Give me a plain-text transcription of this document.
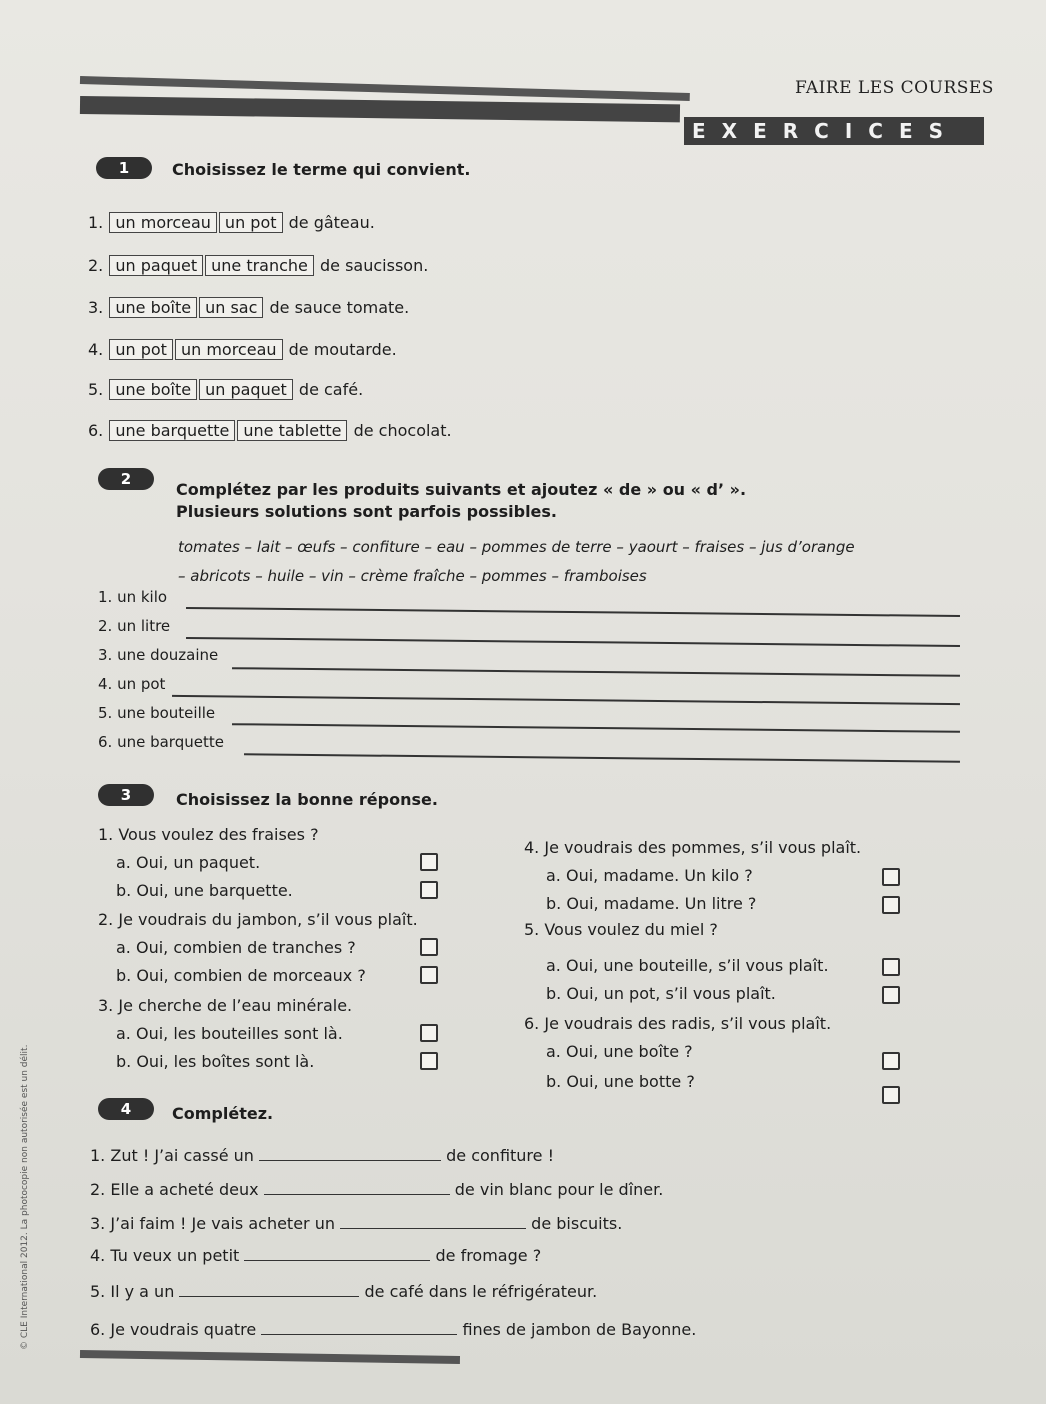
FAIRE LES COURSES
EXERCICES
1	Choisissez le terme qui convient.
1. un morceau un pot de gâteau.
2. un paquet une tranche de saucisson.
3. une boîte un sac de sauce tomate.
4. un pot un morceau de moutarde.
5. une boîte un paquet de café.
6. une barquette une tablette de chocolat.
2
Complétez par les produits suivants et ajoutez « de » ou « d’ ».
Plusieurs solutions sont parfois possibles.
tomates – lait – œufs – confiture – eau – pommes de terre – yaourt – fraises – jus d’orange
– abricots – huile – vin – crème fraîche – pommes – framboises
1. un kilo
2. un litre
3. une douzaine
4. un pot
5. une bouteille
6. une barquette
3	Choisissez la bonne réponse.
1. Vous voulez des fraises ?
a. Oui, un paquet.
b. Oui, une barquette.
2. Je voudrais du jambon, s’il vous plaît.
a. Oui, combien de tranches ?
b. Oui, combien de morceaux ?
3. Je cherche de l’eau minérale.
a. Oui, les bouteilles sont là.
b. Oui, les boîtes sont là.
4. Je voudrais des pommes, s’il vous plaît.
a. Oui, madame. Un kilo ?
b. Oui, madame. Un litre ?
5. Vous voulez du miel ?
a. Oui, une bouteille, s’il vous plaît.
b. Oui, un pot, s’il vous plaît.
6. Je voudrais des radis, s’il vous plaît.
a. Oui, une boîte ?
b. Oui, une botte ?
4	Complétez.
1. Zut ! J’ai cassé un	de confiture !
2. Elle a acheté deux	de vin blanc pour le dîner.
3. J’ai faim ! Je vais acheter un	de biscuits.
4. Tu veux un petit	de fromage ?
5. Il y a un	de café dans le réfrigérateur.
6. Je voudrais quatre	fines de jambon de Bayonne.
© CLE International 2012. La photocopie non autorisée est un délit.
